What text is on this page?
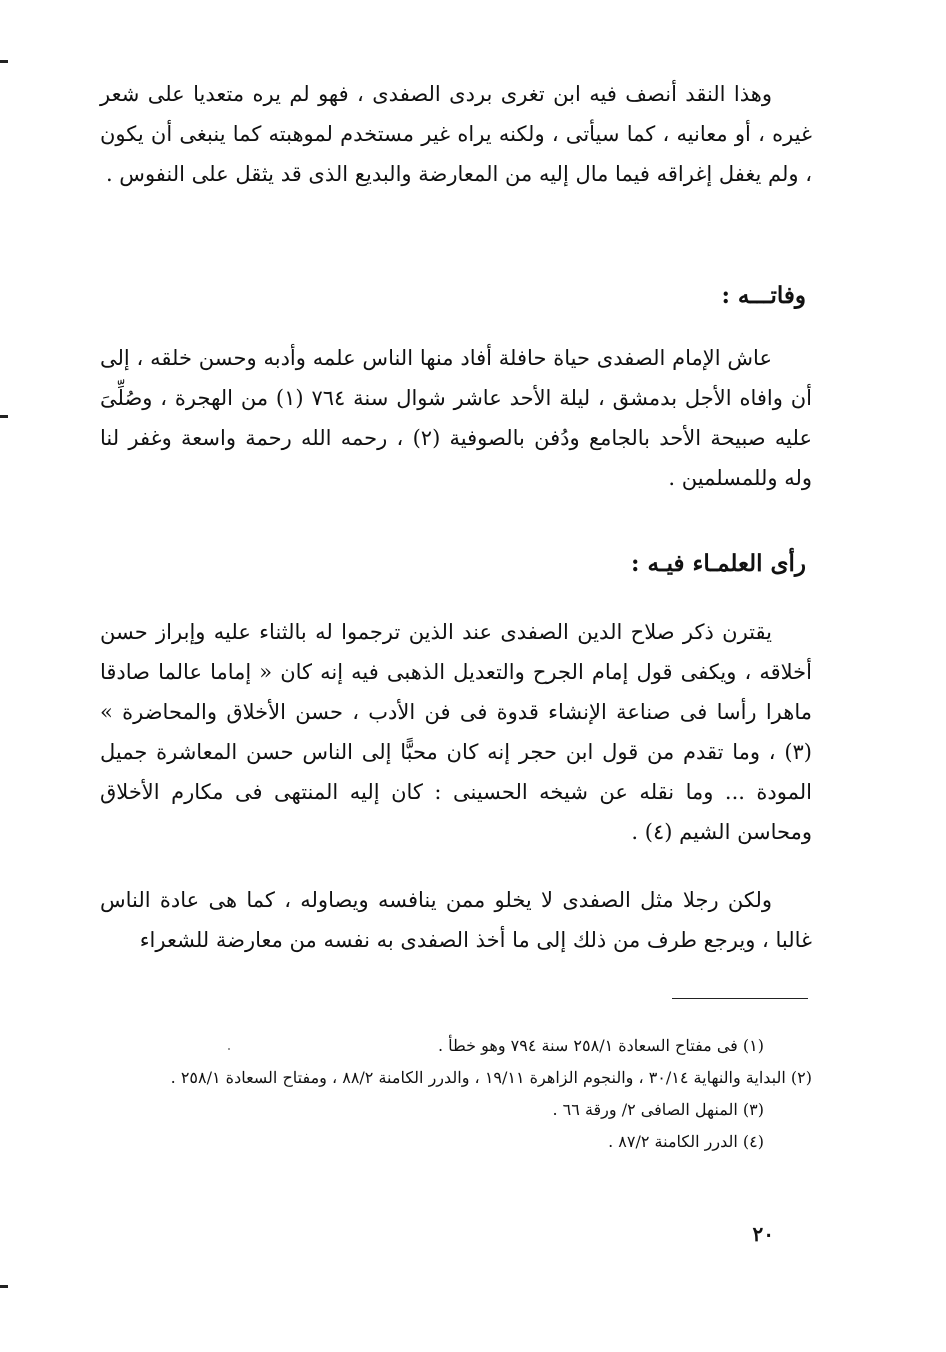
وهذا النقد أنصف فيه ابن تغرى بردى الصفدى ، فهو لم يره متعديا على شعر غيره ، أو معانيه ، كما سيأتى ، ولكنه يراه غير مستخدم لموهبته كما ينبغى أن يكون ، ولم يغفل إغراقه فيما مال إليه من المعارضة والبديع الذى قد يثقل على النفوس .

وفاتـــه :

عاش الإمام الصفدى حياة حافلة أفاد منها الناس علمه وأدبه وحسن خلقه ، إلى أن وافاه الأجل بدمشق ، ليلة الأحد عاشر شوال سنة ٧٦٤ (١) من الهجرة ، وصُلِّىَ عليه صبيحة الأحد بالجامع ودُفن بالصوفية (٢) ، رحمه الله رحمة واسعة وغفر لنا وله وللمسلمين .

رأى العلمـاء فيـه :

يقترن ذكر صلاح الدين الصفدى عند الذين ترجموا له بالثناء عليه وإبراز حسن أخلاقه ، ويكفى قول إمام الجرح والتعديل الذهبى فيه إنه كان « إماما عالما صادقا ماهرا رأسا فى صناعة الإنشاء قدوة فى فن الأدب ، حسن الأخلاق والمحاضرة » (٣) ، وما تقدم من قول ابن حجر إنه كان محبًّا إلى الناس حسن المعاشرة جميل المودة ... وما نقله عن شيخه الحسينى : كان إليه المنتهى فى مكارم الأخلاق ومحاسن الشيم (٤) .

ولكن رجلا مثل الصفدى لا يخلو ممن ينافسه ويصاوله ، كما هى عادة الناس غالبا ، ويرجع طرف من ذلك إلى ما أخذ الصفدى به نفسه من معارضة للشعراء

(١) فى مفتاح السعادة ٢٥٨/١ سنة ٧٩٤ وهو خطأ .
(٢) البداية والنهاية ٣٠/١٤ ، والنجوم الزاهرة ١٩/١١ ، والدرر الكامنة ٨٨/٢ ، ومفتاح السعادة ٢٥٨/١ .
(٣) المنهل الصافى ٢/ ورقة ٦٦ .
(٤) الدرر الكامنة ٨٧/٢ .
٢٠
